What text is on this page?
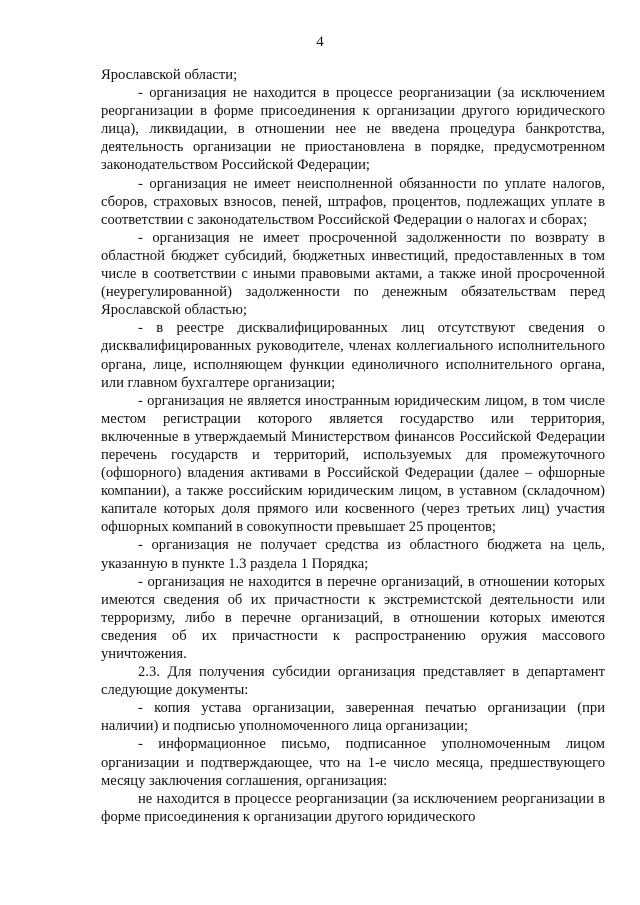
4

Ярославской области;

- организация не находится в процессе реорганизации (за исключением реорганизации в форме присоединения к организации другого юридического лица), ликвидации, в отношении нее не введена процедура банкротства, деятельность организации не приостановлена в порядке, предусмотренном законодательством Российской Федерации;

- организация не имеет неисполненной обязанности по уплате налогов, сборов, страховых взносов, пеней, штрафов, процентов, подлежащих уплате в соответствии с законодательством Российской Федерации о налогах и сборах;

- организация не имеет просроченной задолженности по возврату в областной бюджет субсидий, бюджетных инвестиций, предоставленных в том числе в соответствии с иными правовыми актами, а также иной просроченной (неурегулированной) задолженности по денежным обязательствам перед Ярославской областью;

- в реестре дисквалифицированных лиц отсутствуют сведения о дисквалифицированных руководителе, членах коллегиального исполнительного органа, лице, исполняющем функции единоличного исполнительного органа, или главном бухгалтере организации;

- организация не является иностранным юридическим лицом, в том числе местом регистрации которого является государство или территория, включенные в утверждаемый Министерством финансов Российской Федерации перечень государств и территорий, используемых для промежуточного (офшорного) владения активами в Российской Федерации (далее – офшорные компании), а также российским юридическим лицом, в уставном (складочном) капитале которых доля прямого или косвенного (через третьих лиц) участия офшорных компаний в совокупности превышает 25 процентов;

- организация не получает средства из областного бюджета на цель, указанную в пункте 1.3 раздела 1 Порядка;

- организация не находится в перечне организаций, в отношении которых имеются сведения об их причастности к экстремистской деятельности или терроризму, либо в перечне организаций, в отношении которых имеются сведения об их причастности к распространению оружия массового уничтожения.

2.3. Для получения субсидии организация представляет в департамент следующие документы:

- копия устава организации, заверенная печатью организации (при наличии) и подписью уполномоченного лица организации;

- информационное письмо, подписанное уполномоченным лицом организации и подтверждающее, что на 1-е число месяца, предшествующего месяцу заключения соглашения, организация:

не находится в процессе реорганизации (за исключением реорганизации в форме присоединения к организации другого юридического
